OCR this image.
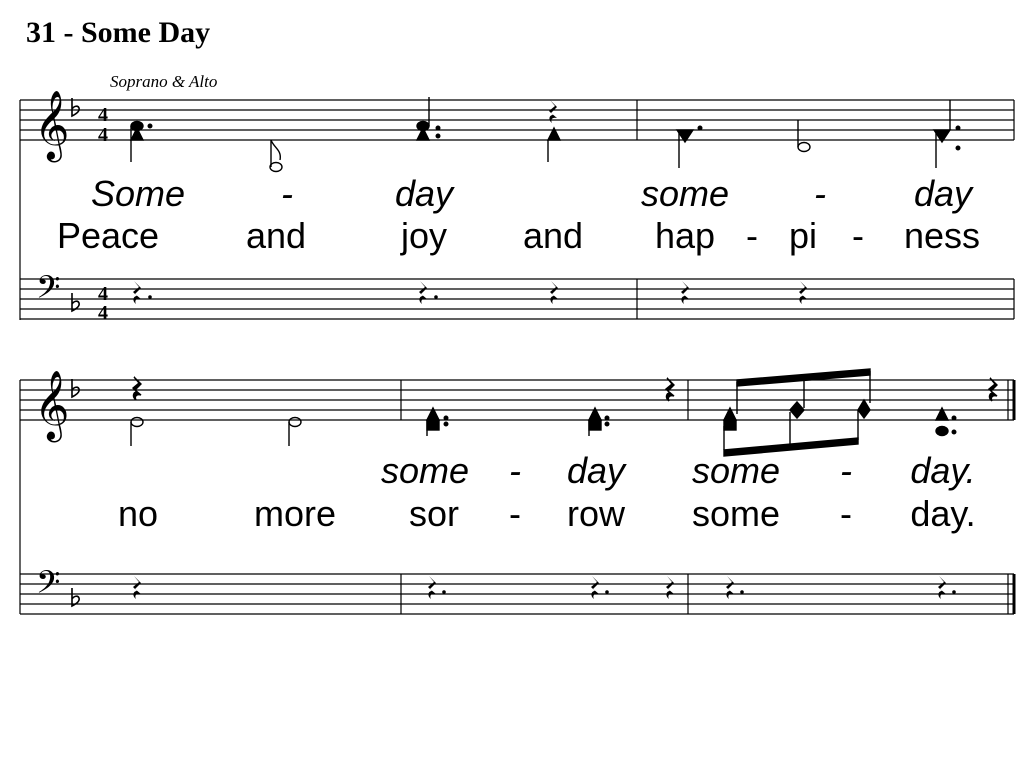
31 - Some Day
Soprano & Alto
𝄞 4
4
𝄢 4
4
𝄞
𝄢
Some	-	day	some - day
Peace and	joy and hap - pi - ness
some - day some - day.
no	more sor - row some - day.
